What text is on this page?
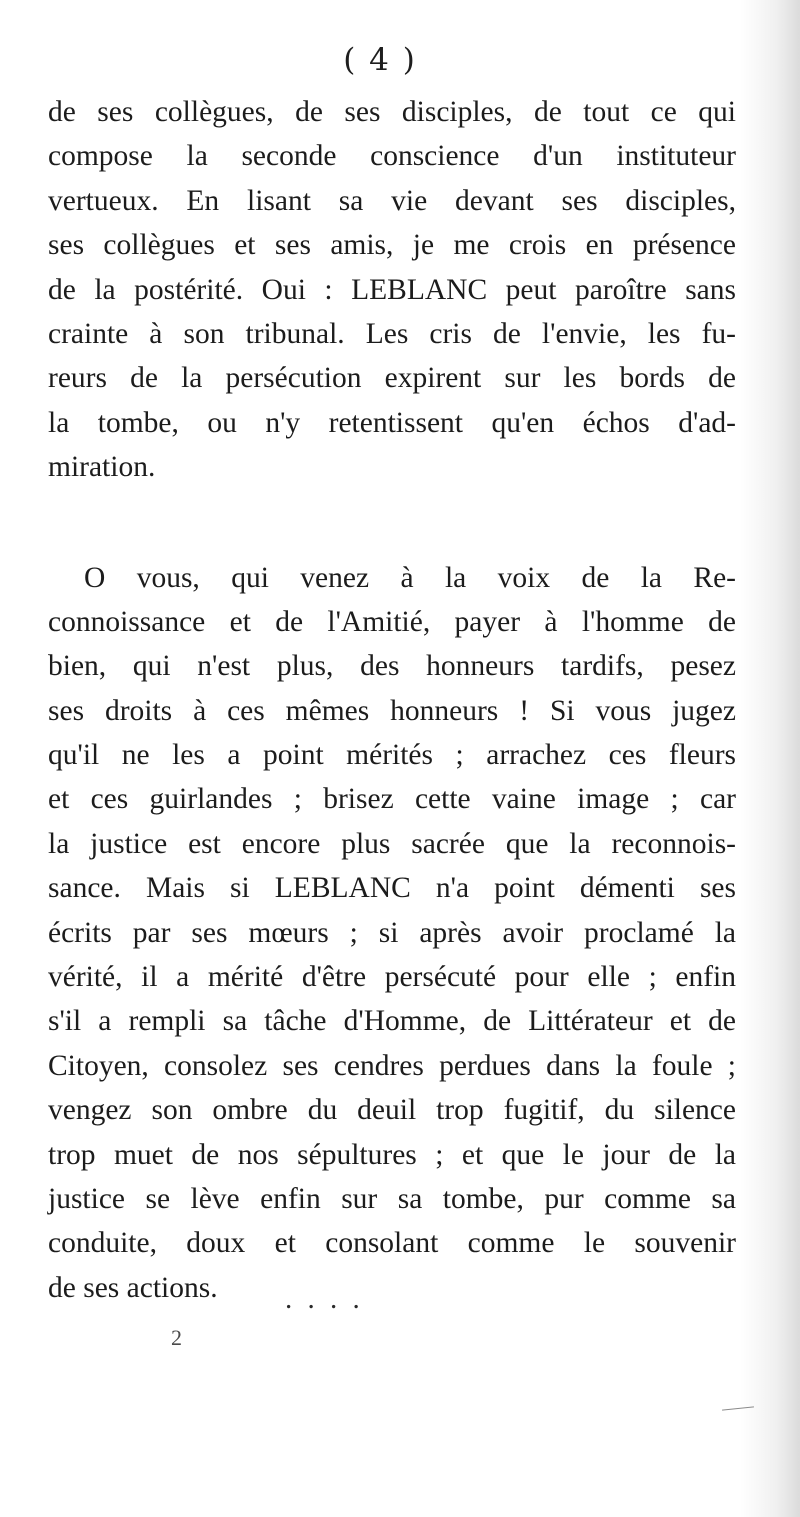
( 4 )
de ses collègues, de ses disciples, de tout ce qui
compose la seconde conscience d'un instituteur
vertueux. En lisant sa vie devant ses disciples,
ses collègues et ses amis, je me crois en présence
de la postérité. Oui : LEBLANC peut paroître sans
crainte à son tribunal. Les cris de l'envie, les fu-
reurs de la persécution expirent sur les bords de
la tombe, ou n'y retentissent qu'en échos d'ad-
miration.
O vous, qui venez à la voix de la Re-
connoissance et de l'Amitié, payer à l'homme de
bien, qui n'est plus, des honneurs tardifs, pesez
ses droits à ces mêmes honneurs ! Si vous jugez
qu'il ne les a point mérités ; arrachez ces fleurs
et ces guirlandes ; brisez cette vaine image ; car
la justice est encore plus sacrée que la reconnois-
sance. Mais si LEBLANC n'a point démenti ses
écrits par ses mœurs ; si après avoir proclamé la
vérité, il a mérité d'être persécuté pour elle ; enfin
s'il a rempli sa tâche d'Homme, de Littérateur et de
Citoyen, consolez ses cendres perdues dans la foule ;
vengez son ombre du deuil trop fugitif, du silence
trop muet de nos sépultures ; et que le jour de la
justice se lève enfin sur sa tombe, pur comme sa
conduite, doux et consolant comme le souvenir
de ses actions.	. . . .
2
